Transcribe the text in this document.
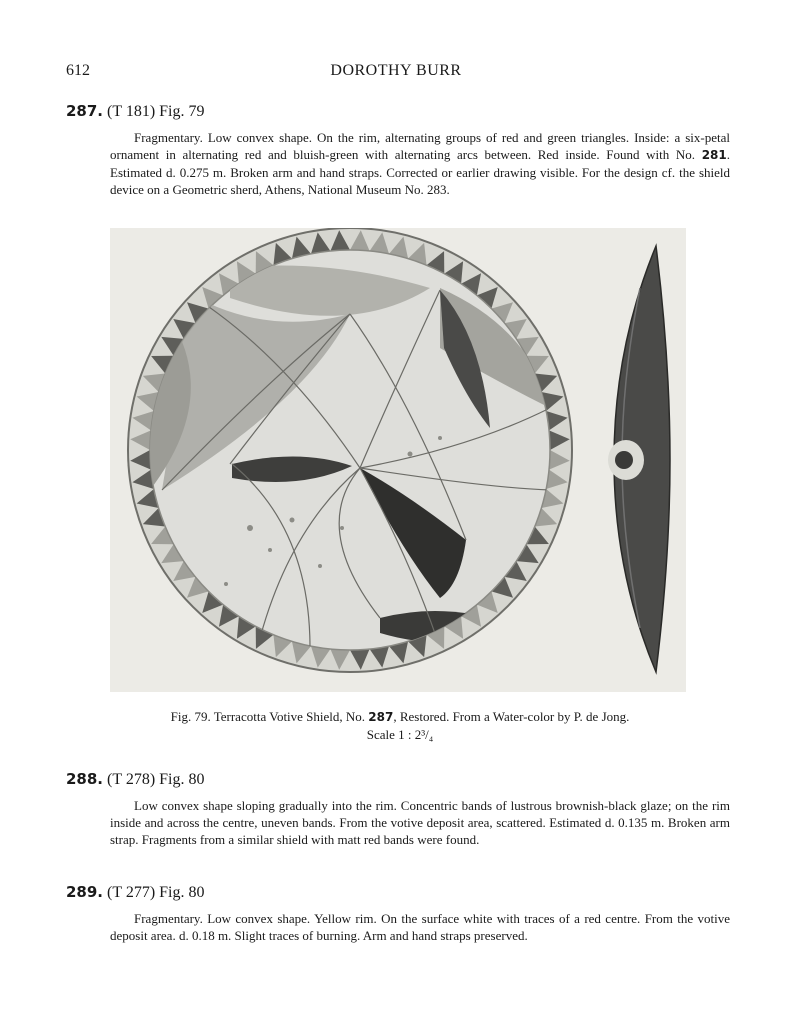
612	DOROTHY BURR
287. (T 181) Fig. 79
Fragmentary. Low convex shape. On the rim, alternating groups of red and green triangles. Inside: a six-petal ornament in alternating red and bluish-green with alternating arcs between. Red inside. Found with No. 281. Estimated d. 0.275 m. Broken arm and hand straps. Corrected or earlier drawing visible. For the design cf. the shield device on a Geometric sherd, Athens, National Museum No. 283.
Fig. 79. Terracotta Votive Shield, No. 287, Restored. From a Water-color by P. de Jong.
Scale 1 : 2³/₄
288. (T 278) Fig. 80
Low convex shape sloping gradually into the rim. Concentric bands of lustrous brownish-black glaze; on the rim inside and across the centre, uneven bands. From the votive deposit area, scattered. Estimated d. 0.135 m. Broken arm strap. Fragments from a similar shield with matt red bands were found.
289. (T 277) Fig. 80
Fragmentary. Low convex shape. Yellow rim. On the surface white with traces of a red centre. From the votive deposit area. d. 0.18 m. Slight traces of burning. Arm and hand straps preserved.
